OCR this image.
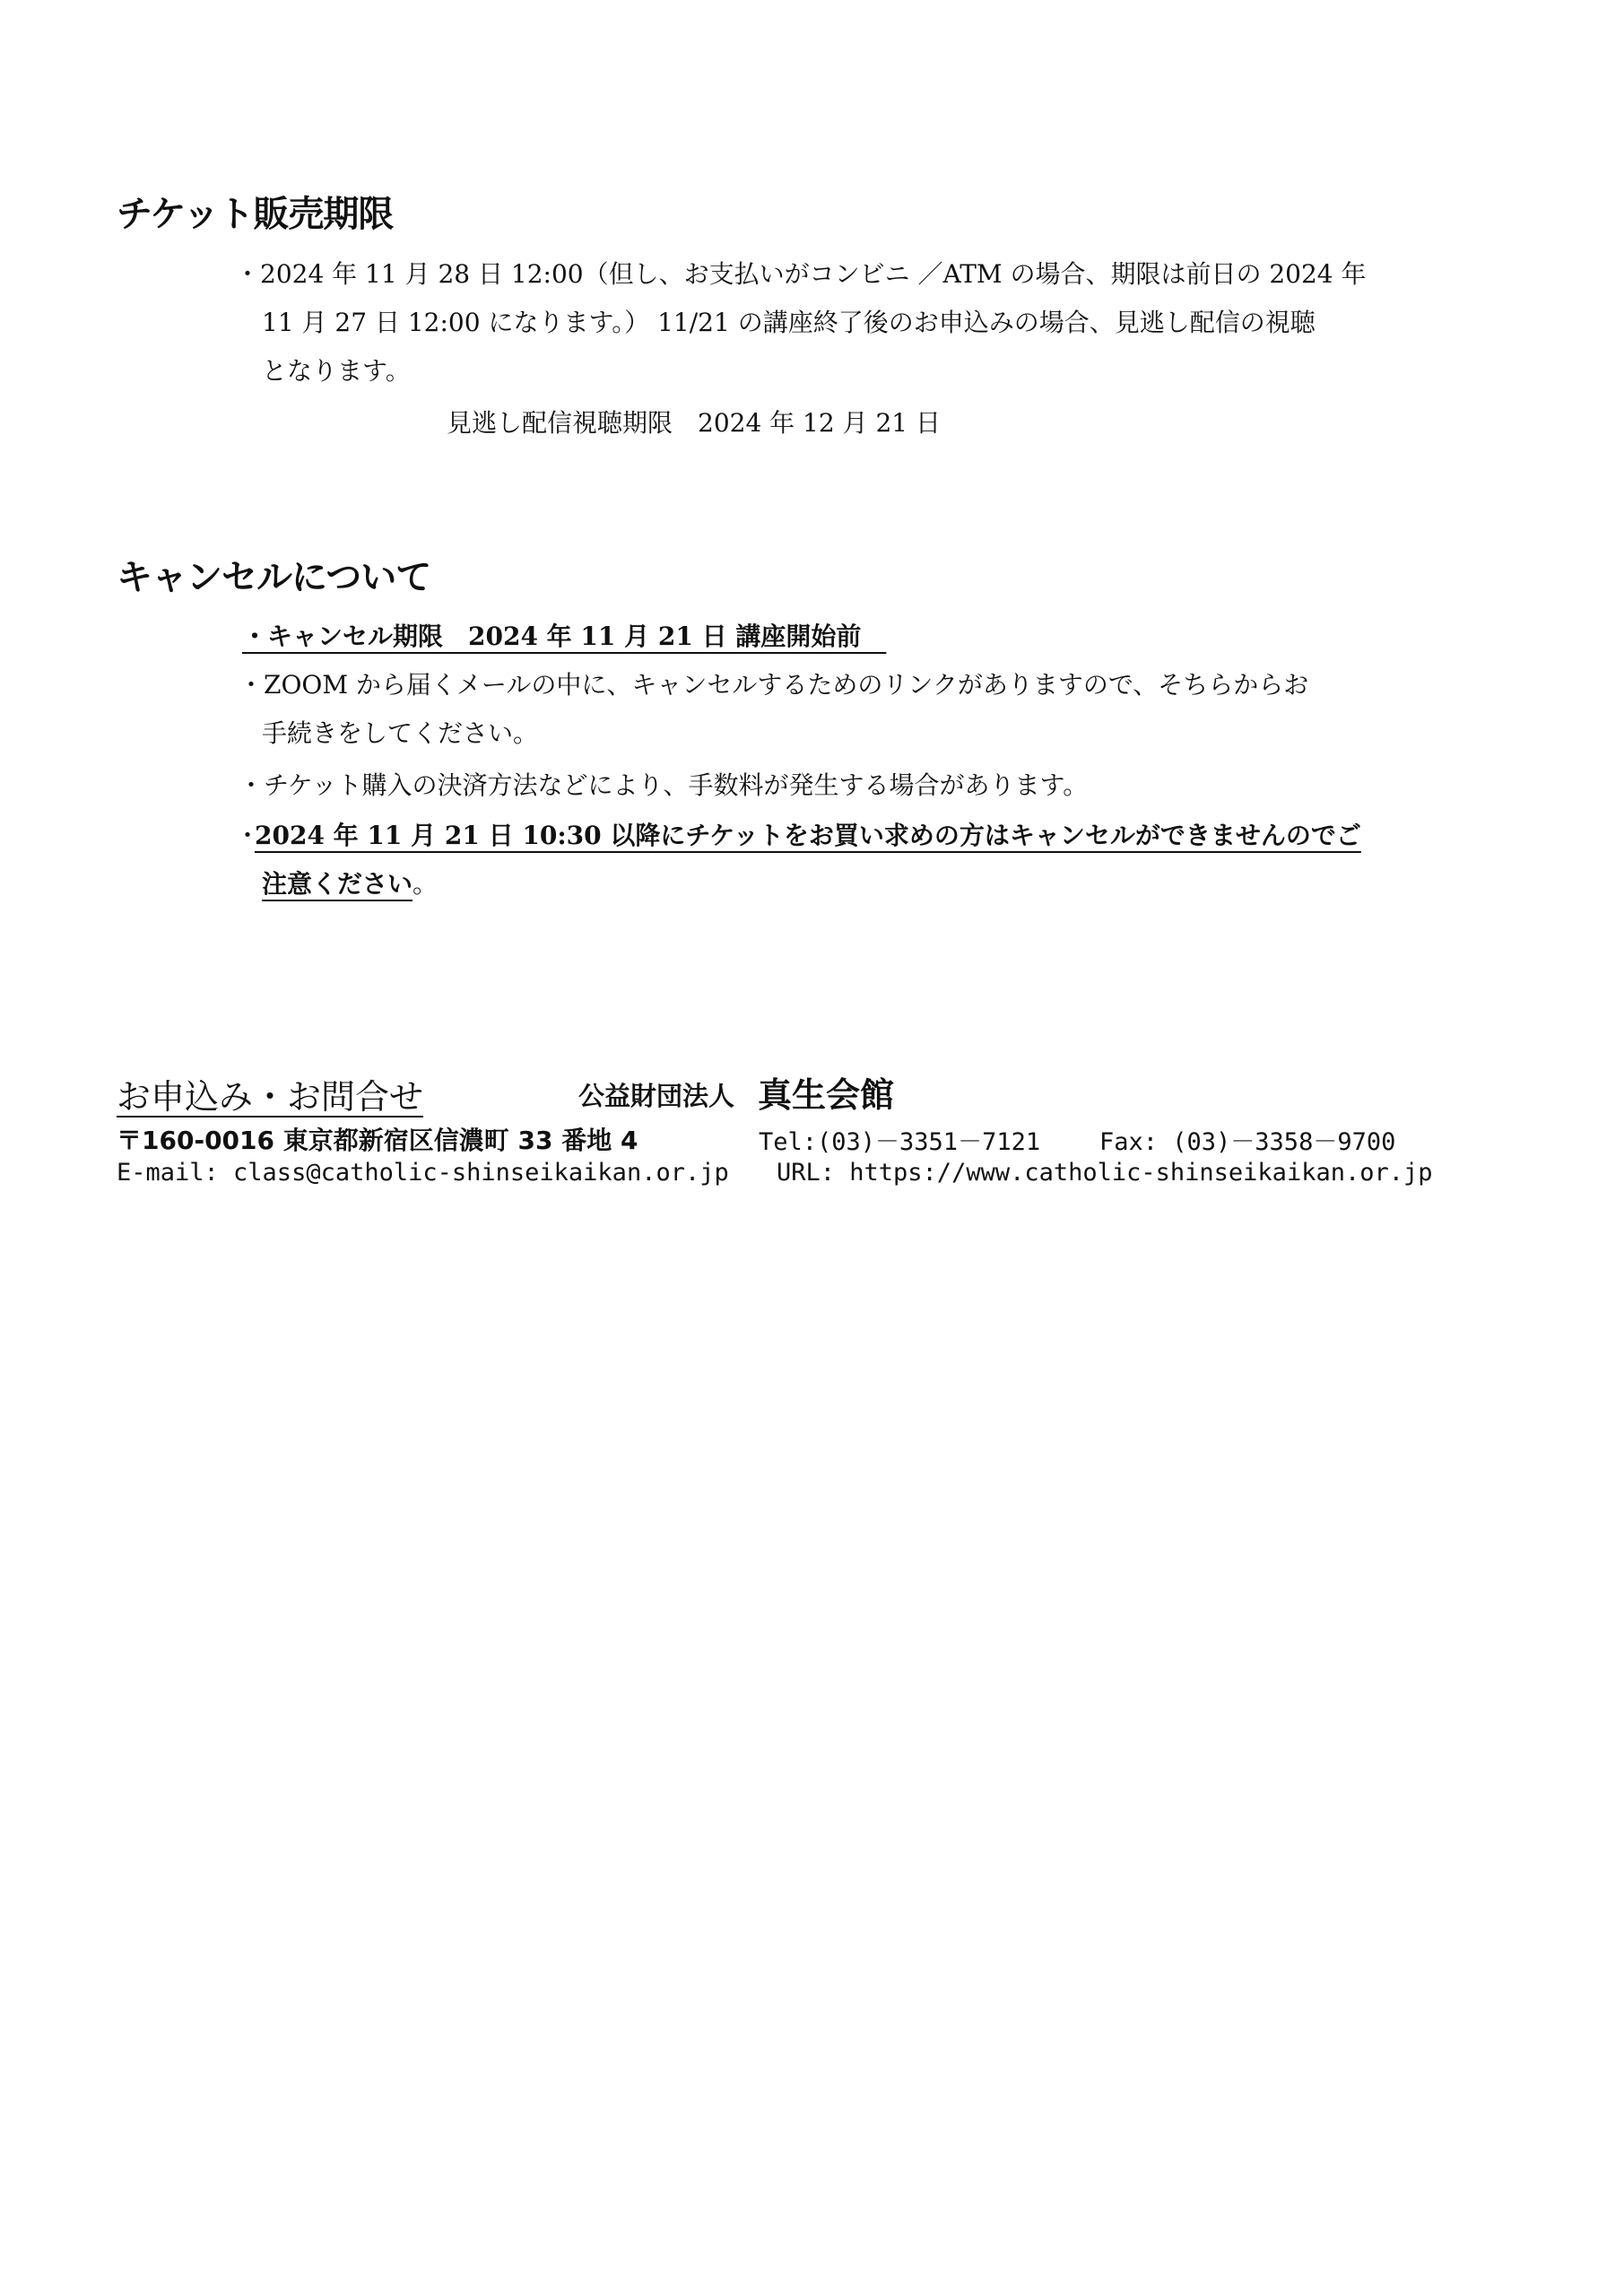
チケット販売期限
・2024 年 11 月 28 日 12:00（但し、お支払いがコンビニ ／ATM の場合、期限は前日の 2024 年
11 月 27 日 12:00 になります。） 11/21 の講座終了後のお申込みの場合、見逃し配信の視聴
となります。
見逃し配信視聴期限　2024 年 12 月 21 日
キャンセルについて
・キャンセル期限　2024 年 11 月 21 日 講座開始前　
・ZOOM から届くメールの中に、キャンセルするためのリンクがありますので、そちらからお
手続きをしてください。
・チケット購入の決済方法などにより、手数料が発生する場合があります。
・
2024 年 11 月 21 日 10:30 以降にチケットをお買い求めの方はキャンセルができませんのでご
注意ください。
お申込み・お問合せ	公益財団法人 真生会館
〒160-0016 東京都新宿区信濃町 33 番地 4	Tel:(03)－3351－7121 Fax: (03)－3358－9700
E-mail: class@catholic-shinseikaikan.or.jp URL: https://www.catholic-shinseikaikan.or.jp
